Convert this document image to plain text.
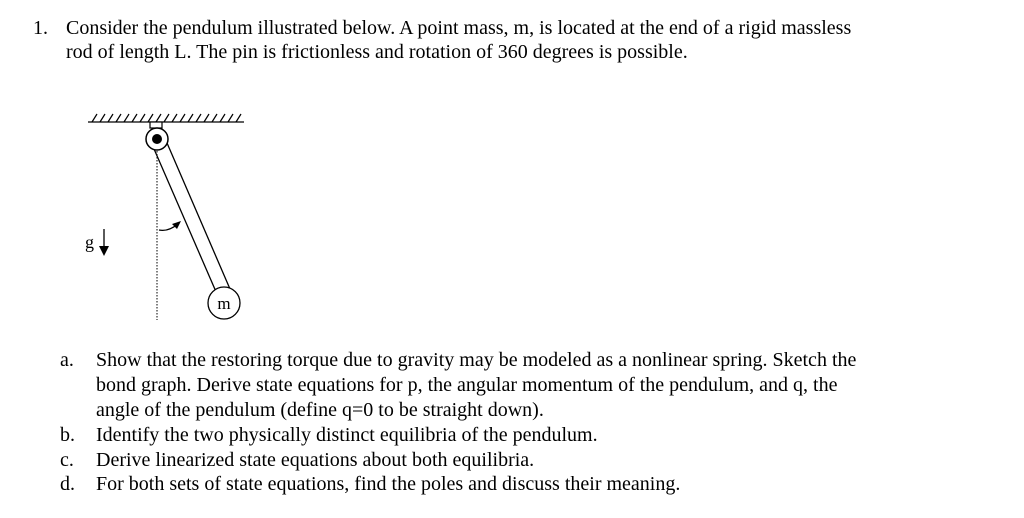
1. Consider the pendulum illustrated below. A point mass, m, is located at the end of a rigid massless
rod of length L. The pin is frictionless and rotation of 360 degrees is possible.
g
m
a. Show that the restoring torque due to gravity may be modeled as a nonlinear spring. Sketch the
bond graph. Derive state equations for p, the angular momentum of the pendulum, and q, the
angle of the pendulum (define q=0 to be straight down).
b. Identify the two physically distinct equilibria of the pendulum.
c. Derive linearized state equations about both equilibria.
d. For both sets of state equations, find the poles and discuss their meaning.
